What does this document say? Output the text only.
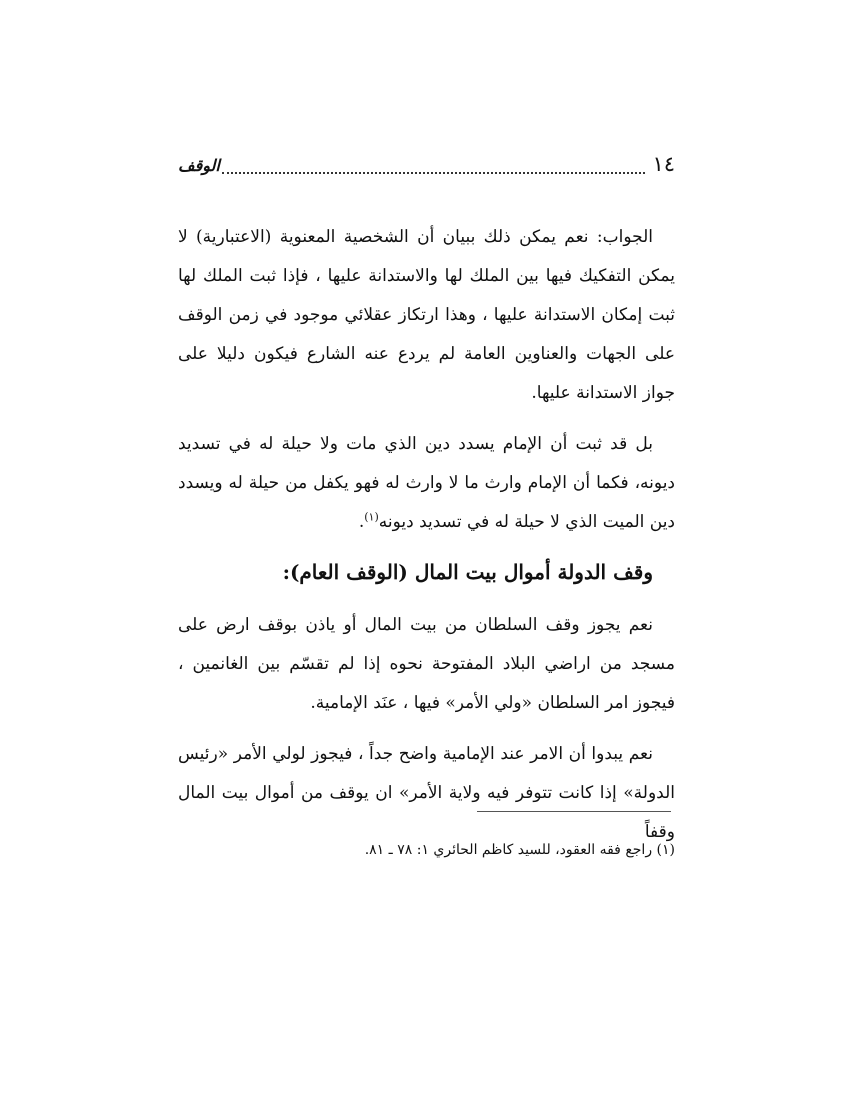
١٤
الوقف

الجواب: نعم يمكن ذلك ببيان أن الشخصية المعنوية (الاعتبارية) لا يمكن التفكيك فيها بين الملك لها والاستدانة عليها ، فإذا ثبت الملك لها ثبت إمكان الاستدانة عليها ، وهذا ارتكاز عقلائي موجود في زمن الوقف على الجهات والعناوين العامة لم يردع عنه الشارع فيكون دليلا على جواز الاستدانة عليها.

بل قد ثبت أن الإمام يسدد دين الذي مات ولا حيلة له في تسديد ديونه، فكما أن الإمام وارث ما لا وارث له فهو يكفل من حيلة له ويسدد دين الميت الذي لا حيلة له في تسديد ديونه$^{(١)}$.

وقف الدولة أموال بيت المال (الوقف العام):

نعم يجوز وقف السلطان من بيت المال أو ياذن بوقف ارض على مسجد من اراضي البلاد المفتوحة نحوه إذا لم تقسّم بين الغانمين ، فيجوز امر السلطان «ولي الأمر» فيها ، عنَد الإمامية.

نعم يبدوا أن الامر عند الإمامية واضح جداً ، فيجوز لولي الأمر «رئيس الدولة» إذا كانت تتوفر فيه ولاية الأمر» ان يوقف من أموال بيت المال وقفاً

(١) راجع فقه العقود، للسيد كاظم الحائري ١: ٧٨ ـ ٨١.
